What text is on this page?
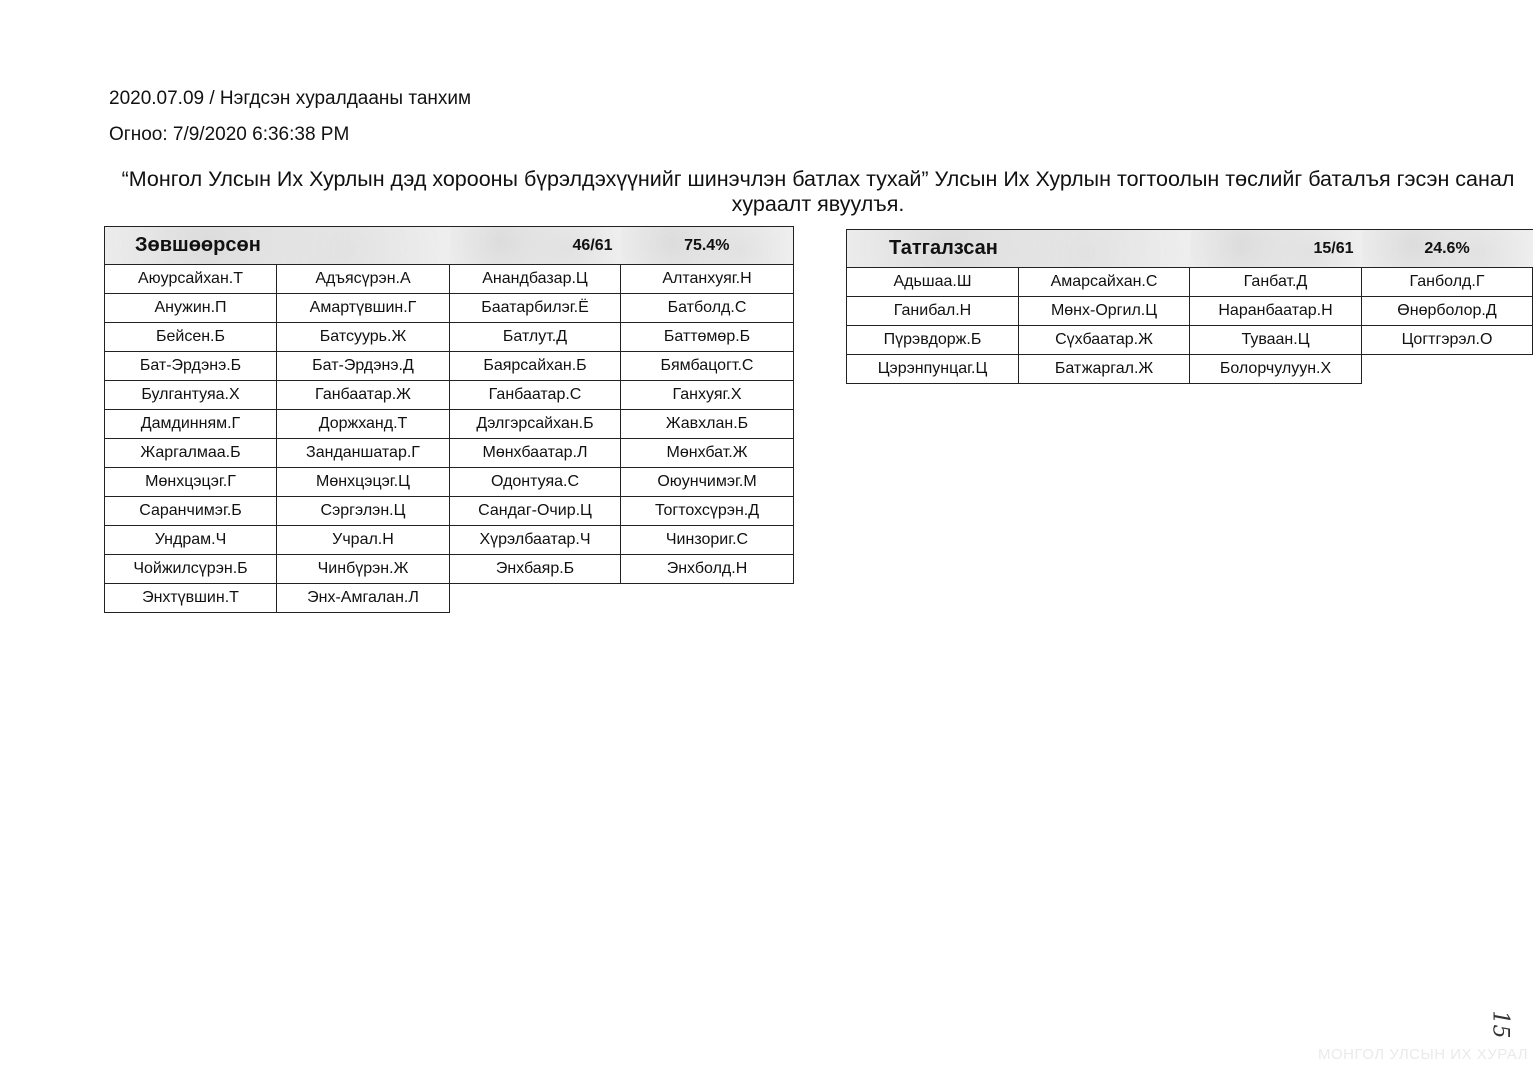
2020.07.09 / Нэгдсэн хуралдааны танхим
Огноо: 7/9/2020 6:36:38 PM
“Монгол Улсын Их Хурлын дэд хорооны бүрэлдэхүүнийг шинэчлэн батлах тухай” Улсын Их Хурлын тогтоолын төслийг баталъя гэсэн санал хураалт явуулъя.
Зөвшөөрсөн		46/61	75.4%
Аюурсайхан.Т	Адъясүрэн.А	Анандбазар.Ц	Алтанхуяг.Н
Анужин.П	Амартүвшин.Г	Баатарбилэг.Ё	Батболд.С
Бейсен.Б	Батсуурь.Ж	Батлут.Д	Баттөмөр.Б
Бат-Эрдэнэ.Б	Бат-Эрдэнэ.Д	Баярсайхан.Б	Бямбацогт.С
Булгантуяа.Х	Ганбаатар.Ж	Ганбаатар.С	Ганхуяг.Х
Дамдинням.Г	Доржханд.Т	Дэлгэрсайхан.Б	Жавхлан.Б
Жаргалмаа.Б	Занданшатар.Г	Мөнхбаатар.Л	Мөнхбат.Ж
Мөнхцэцэг.Г	Мөнхцэцэг.Ц	Одонтуяа.С	Оюунчимэг.М
Саранчимэг.Б	Сэргэлэн.Ц	Сандаг-Очир.Ц	Тогтохсүрэн.Д
Ундрам.Ч	Учрал.Н	Хүрэлбаатар.Ч	Чинзориг.С
Чойжилсүрэн.Б	Чинбүрэн.Ж	Энхбаяр.Б	Энхболд.Н
Энхтүвшин.Т	Энх-Амгалан.Л		
Татгалзсан		15/61	24.6%
Адьшаа.Ш	Амарсайхан.С	Ганбат.Д	Ганболд.Г
Ганибал.Н	Мөнх-Оргил.Ц	Наранбаатар.Н	Өнөрболор.Д
Пүрэвдорж.Б	Сүхбаатар.Ж	Туваан.Ц	Цогтгэрэл.О
Цэрэнпунцаг.Ц	Батжаргал.Ж	Болорчулуун.Х	
15
МОНГОЛ УЛСЫН ИХ ХУРАЛ
